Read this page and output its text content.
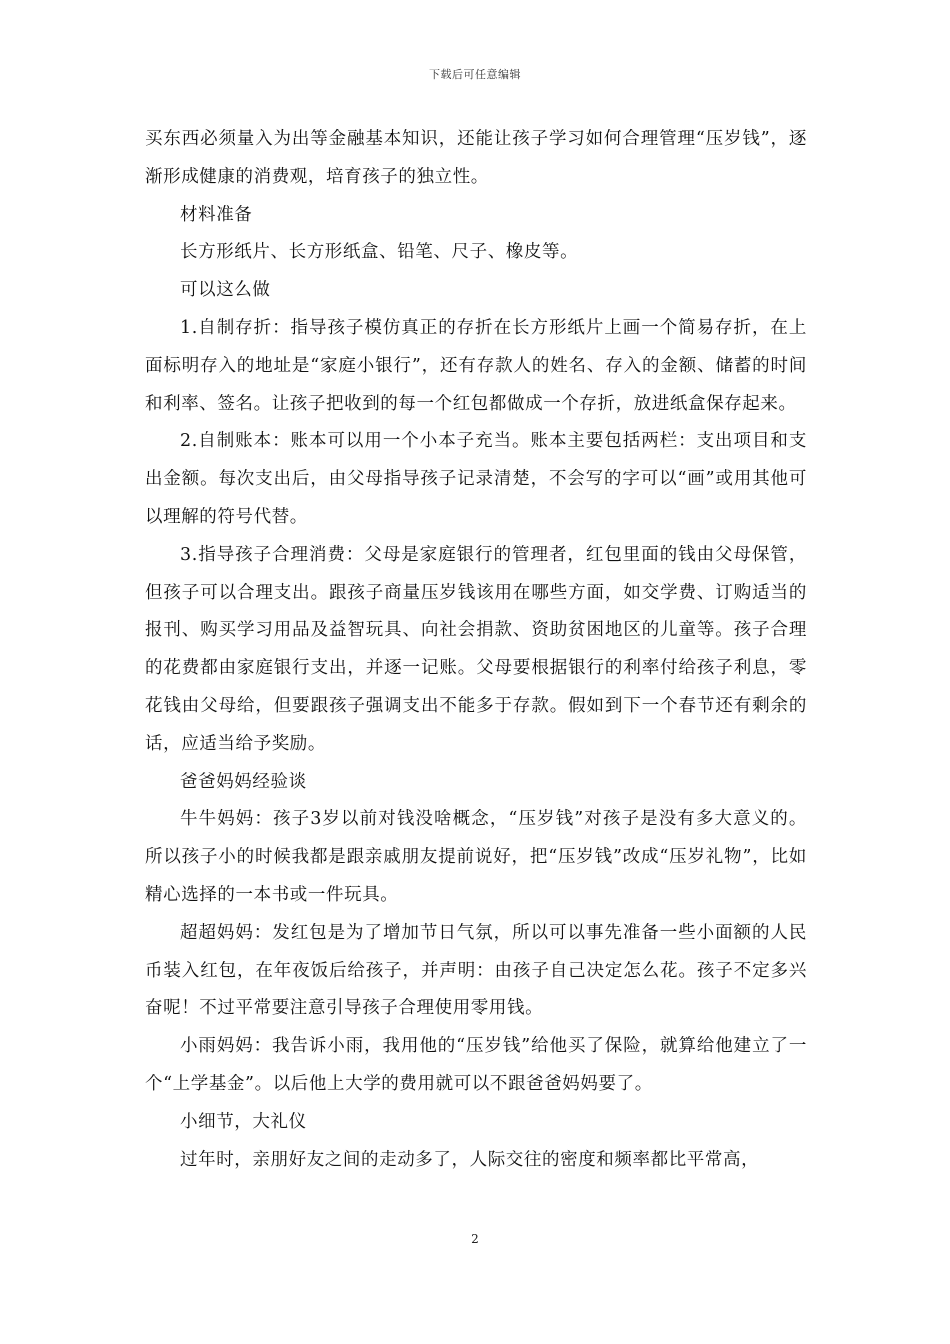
下载后可任意编辑

买东西必须量入为出等金融基本知识，还能让孩子学习如何合理管理“压岁钱”，逐渐形成健康的消费观，培育孩子的独立性。

材料准备

长方形纸片、长方形纸盒、铅笔、尺子、橡皮等。

可以这么做

1.自制存折：指导孩子模仿真正的存折在长方形纸片上画一个简易存折，在上面标明存入的地址是“家庭小银行”，还有存款人的姓名、存入的金额、储蓄的时间和利率、签名。让孩子把收到的每一个红包都做成一个存折，放进纸盒保存起来。

2.自制账本：账本可以用一个小本子充当。账本主要包括两栏：支出项目和支出金额。每次支出后，由父母指导孩子记录清楚，不会写的字可以“画”或用其他可以理解的符号代替。

3.指导孩子合理消费：父母是家庭银行的管理者，红包里面的钱由父母保管，但孩子可以合理支出。跟孩子商量压岁钱该用在哪些方面，如交学费、订购适当的报刊、购买学习用品及益智玩具、向社会捐款、资助贫困地区的儿童等。孩子合理的花费都由家庭银行支出，并逐一记账。父母要根据银行的利率付给孩子利息，零花钱由父母给，但要跟孩子强调支出不能多于存款。假如到下一个春节还有剩余的话，应适当给予奖励。

爸爸妈妈经验谈

牛牛妈妈：孩子3岁以前对钱没啥概念，“压岁钱”对孩子是没有多大意义的。所以孩子小的时候我都是跟亲戚朋友提前说好，把“压岁钱”改成“压岁礼物”，比如精心选择的一本书或一件玩具。

超超妈妈：发红包是为了增加节日气氛，所以可以事先准备一些小面额的人民币装入红包，在年夜饭后给孩子，并声明：由孩子自己决定怎么花。孩子不定多兴奋呢！不过平常要注意引导孩子合理使用零用钱。

小雨妈妈：我告诉小雨，我用他的“压岁钱”给他买了保险，就算给他建立了一个“上学基金”。以后他上大学的费用就可以不跟爸爸妈妈要了。

小细节，大礼仪

过年时，亲朋好友之间的走动多了，人际交往的密度和频率都比平常高，

2
